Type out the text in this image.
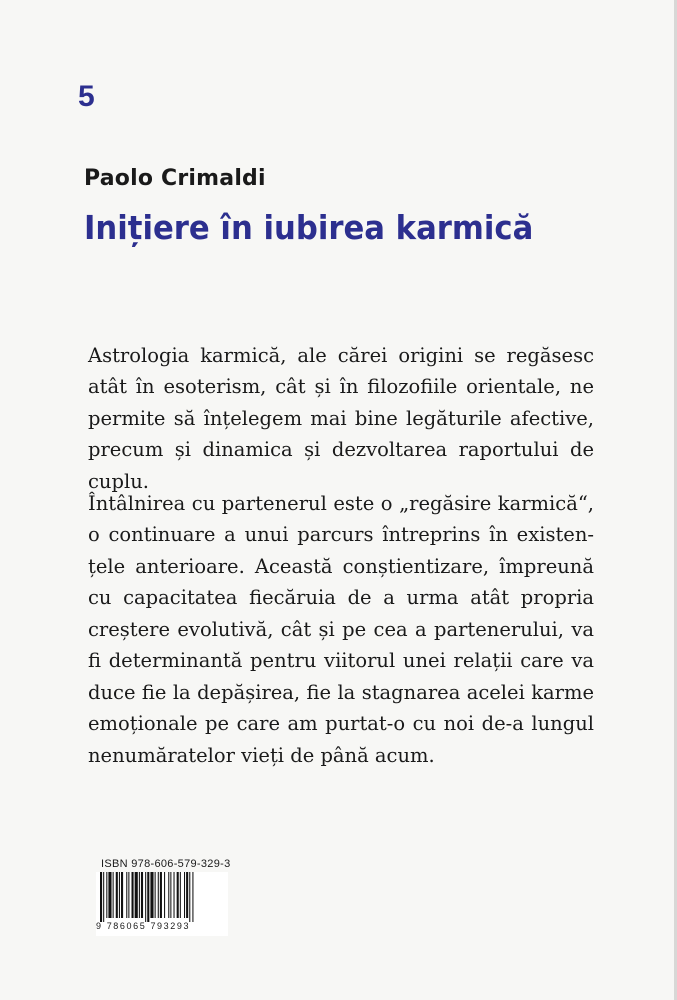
5
Paolo Crimaldi
Inițiere în iubirea karmică

Astrologia karmică, ale cărei origini se regăsesc atât în esoterism, cât și în filozofiile orientale, ne permite să înțelegem mai bine legăturile afective, precum și dinamica și dezvoltarea raportului de cuplu.

Întâlnirea cu partenerul este o „regăsire karmică“, o continuare a unui parcurs întreprins în existențele anterioare. Această conștientizare, împreună cu capacitatea fiecăruia de a urma atât propria creștere evolutivă, cât și pe cea a partenerului, va fi determinantă pentru viitorul unei relații care va duce fie la depășirea, fie la stagnarea acelei karme emoționale pe care am purtat-o cu noi de-a lungul nenumăratelor vieți de până acum.

ISBN 978-606-579-329-3
9 786065 793293
